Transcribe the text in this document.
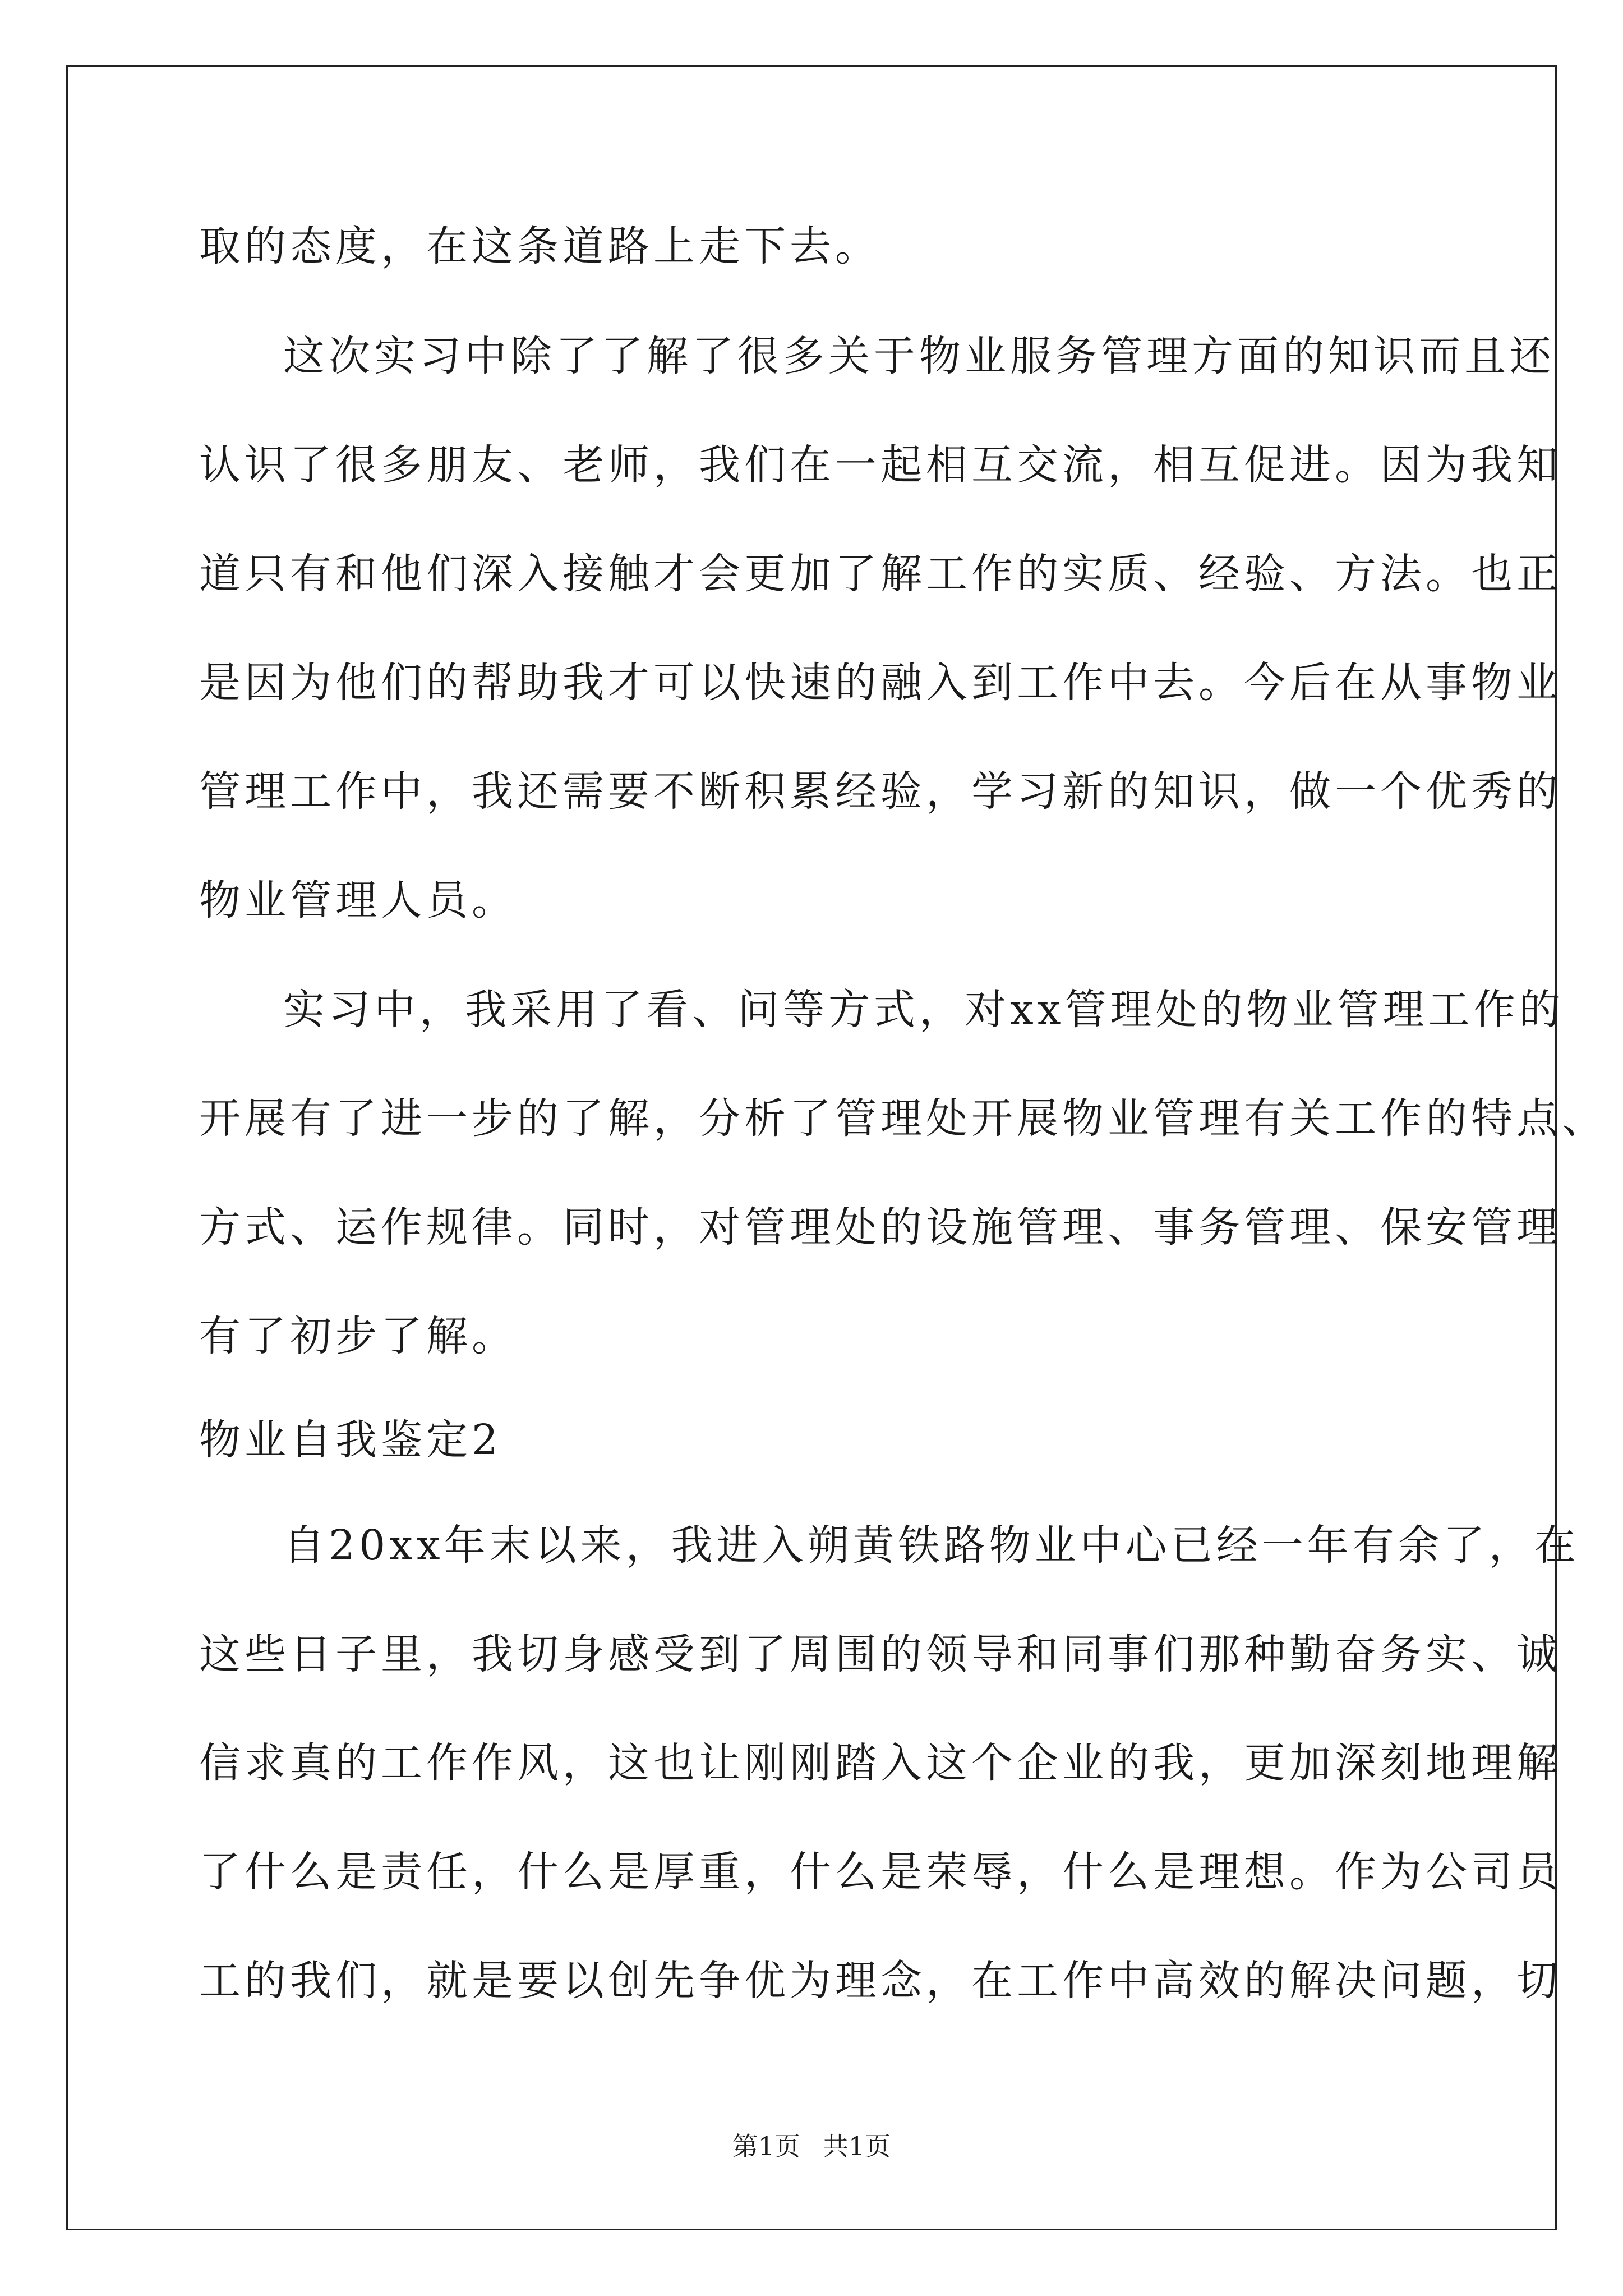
取的态度，在这条道路上走下去。
这次实习中除了了解了很多关于物业服务管理方面的知识而且还
认识了很多朋友、老师，我们在一起相互交流，相互促进。因为我知
道只有和他们深入接触才会更加了解工作的实质、经验、方法。也正
是因为他们的帮助我才可以快速的融入到工作中去。今后在从事物业
管理工作中，我还需要不断积累经验，学习新的知识，做一个优秀的
物业管理人员。
实习中，我采用了看、问等方式，对xx管理处的物业管理工作的
开展有了进一步的了解，分析了管理处开展物业管理有关工作的特点、
方式、运作规律。同时，对管理处的设施管理、事务管理、保安管理
有了初步了解。
物业自我鉴定2
自20xx年末以来，我进入朔黄铁路物业中心已经一年有余了，在
这些日子里，我切身感受到了周围的领导和同事们那种勤奋务实、诚
信求真的工作作风，这也让刚刚踏入这个企业的我，更加深刻地理解
了什么是责任，什么是厚重，什么是荣辱，什么是理想。作为公司员
工的我们，就是要以创先争优为理念，在工作中高效的解决问题，切
第1页 共1页
